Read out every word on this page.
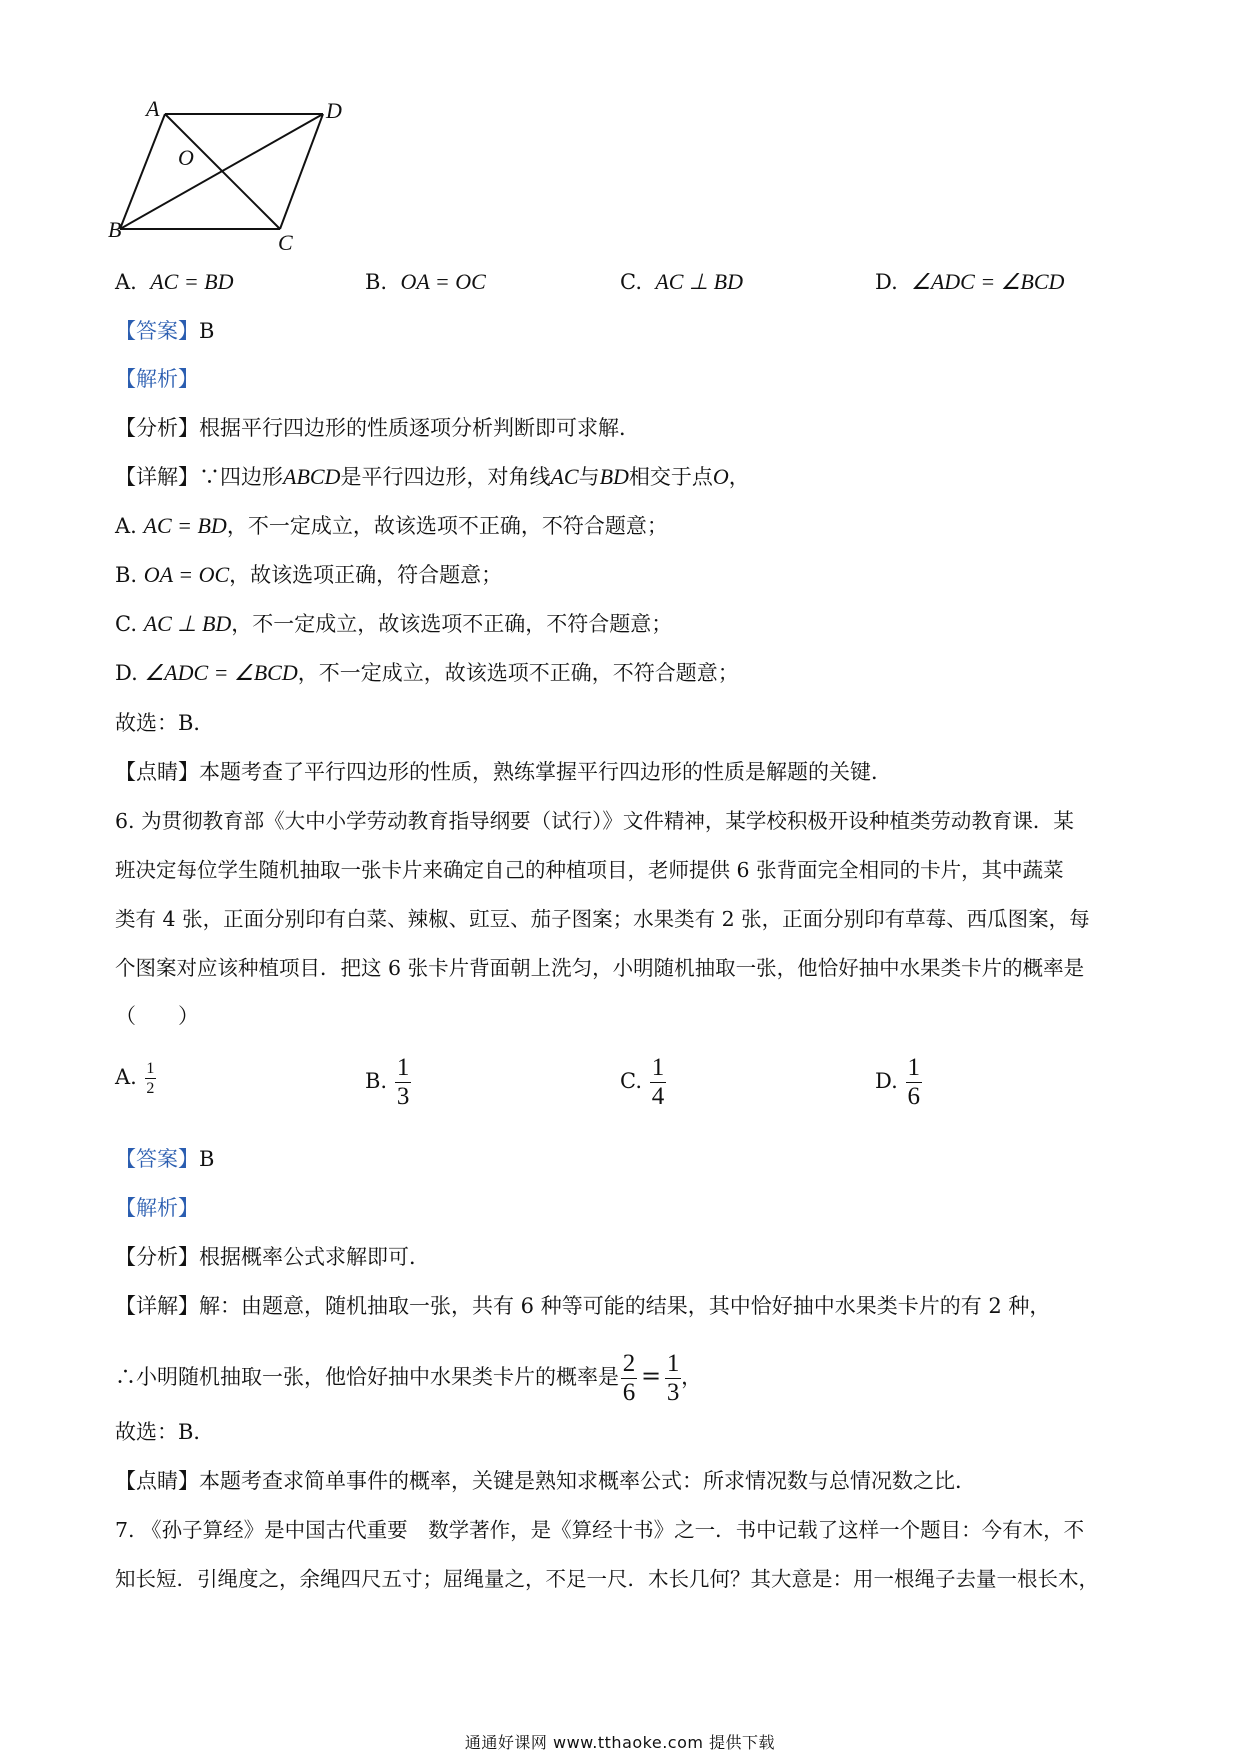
A	D
O
B
C
A. AC = BD	B. OA = OC	C. AC ⊥ BD	D. ∠ADC = ∠BCD
【答案】B
【解析】
【分析】根据平行四边形的性质逐项分析判断即可求解．
【详解】∵四边形ABCD是平行四边形，对角线AC与BD相交于点O，
A. AC = BD，不一定成立，故该选项不正确，不符合题意；
B. OA = OC，故该选项正确，符合题意；
C. AC ⊥ BD，不一定成立，故该选项不正确，不符合题意；
D. ∠ADC = ∠BCD，不一定成立，故该选项不正确，不符合题意；
故选：B．
【点睛】本题考查了平行四边形的性质，熟练掌握平行四边形的性质是解题的关键．
6. 为贯彻教育部《大中小学劳动教育指导纲要（试行）》文件精神，某学校积极开设种植类劳动教育课．某
班决定每位学生随机抽取一张卡片来确定自己的种植项目，老师提供 6 张背面完全相同的卡片，其中蔬菜
类有 4 张，正面分别印有白菜、辣椒、豇豆、茄子图案；水果类有 2 张，正面分别印有草莓、西瓜图案，每
个图案对应该种植项目．把这 6 张卡片背面朝上洗匀，小明随机抽取一张，他恰好抽中水果类卡片的概率是
（　　）
A. $\frac{1}{2}$	B. $\frac{1}{3}$	C. $\frac{1}{4}$	D. $\frac{1}{6}$
【答案】B
【解析】
【分析】根据概率公式求解即可．
【详解】解：由题意，随机抽取一张，共有 6 种等可能的结果，其中恰好抽中水果类卡片的有 2 种，
∴小明随机抽取一张，他恰好抽中水果类卡片的概率是 $\frac{2}{6} = \frac{1}{3}$ ，
故选：B．
【点睛】本题考查求简单事件的概率，关键是熟知求概率公式：所求情况数与总情况数之比．
7. 《孙子算经》是中国古代重要　数学著作，是《算经十书》之一．书中记载了这样一个题目：今有木，不
知长短．引绳度之，余绳四尺五寸；屈绳量之，不足一尺．木长几何？其大意是：用一根绳子去量一根长木，
通通好课网 www.tthaoke.com 提供下载
